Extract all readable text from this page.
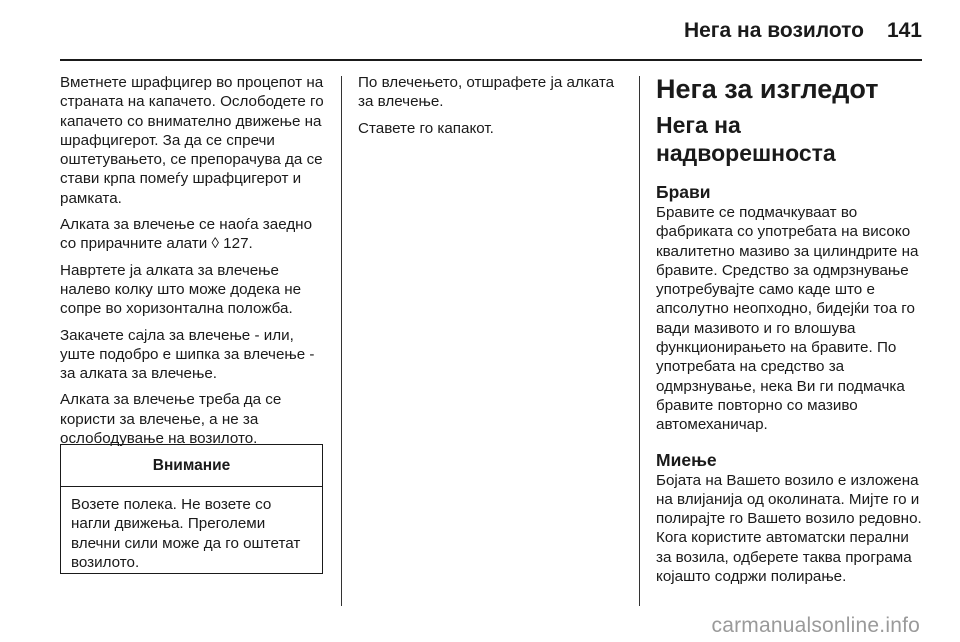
Нега на возилото 141

Вметнете шрафцигер во процепот на странaта на капачето. Ослободете го капачето со внимателно движење на шрафцигерот. За да се спречи оштетувањето, се препорачува да се стави крпа помеѓу шрафцигерот и рамката.

Алката за влечење се наоѓа заедно со прирачните алати ◊ 127.

Навртете ја алката за влечење налево колку што може додека не сопре во хоризонтална положба.

Закачете сајла за влечење - или, уште подобро е шипка за влечење - за алката за влечење.

Алката за влечење треба да се користи за влечење, а не за ослободување на возилото.

Внимание
Возете полека. Не возете со нагли движења. Преголеми влечни сили може да го оштетат возилото.

По влечењето, отшрафете ја алката за влечење.

Ставете го капакот.

Нега за изгледот
Нега на надворешноста
Брави

Бравите се подмачкуваат во фабриката со употребата на високо квалитетно мазиво за цилиндрите на бравите. Средство за одмрзнување употребувајте само каде што е апсолутно неопходно, бидејќи тоа го вади мазивото и го влошува функционирањето на бравите. По употребата на средство за одмрзнување, нека Ви ги подмачка бравите повторно со мазиво автомеханичар.

Миење

Бојата на Вашето возило е изложена на влијанија од околината. Мијте го и полирајте го Вашето возило редовно. Кога користите автоматски перални за возила, одберете таква програма којашто содржи полирање.

carmanualsonline.info
